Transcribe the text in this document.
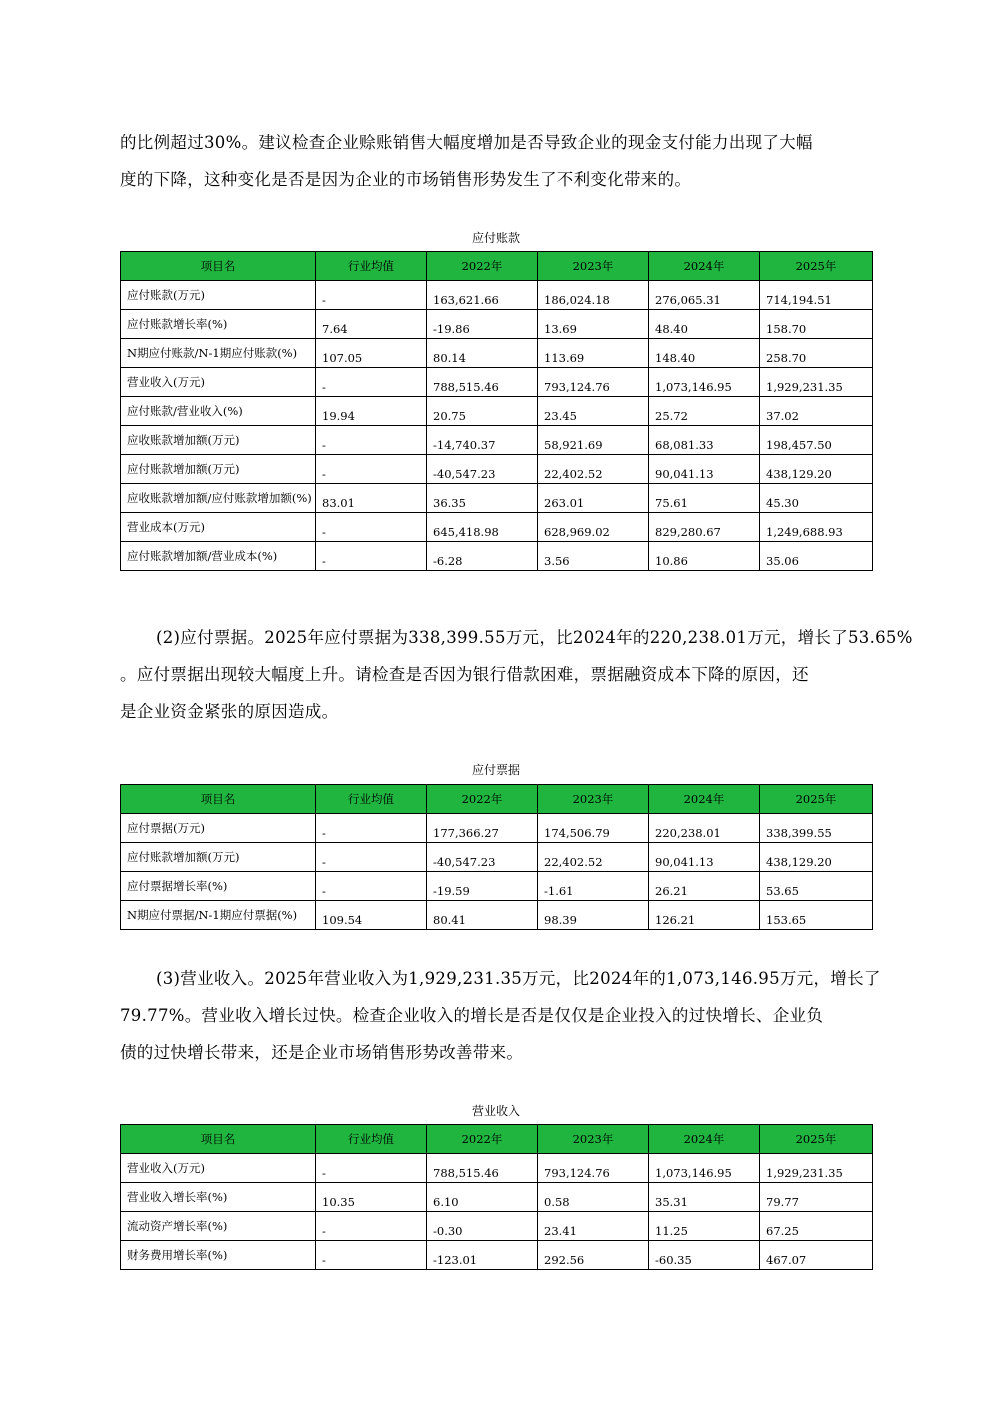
的比例超过30%。建议检查企业赊账销售大幅度增加是否导致企业的现金支付能力出现了大幅
度的下降，这种变化是否是因为企业的市场销售形势发生了不利变化带来的。

应付账款
项目名	行业均值	2022年	2023年	2024年	2025年
应付账款(万元)	-	163,621.66	186,024.18	276,065.31	714,194.51
应付账款增长率(%)	7.64	-19.86	13.69	48.40	158.70
N期应付账款/N-1期应付账款(%)	107.05	80.14	113.69	148.40	258.70
营业收入(万元)	-	788,515.46	793,124.76	1,073,146.95	1,929,231.35
应付账款/营业收入(%)	19.94	20.75	23.45	25.72	37.02
应收账款增加额(万元)	-	-14,740.37	58,921.69	68,081.33	198,457.50
应付账款增加额(万元)	-	-40,547.23	22,402.52	90,041.13	438,129.20
应收账款增加额/应付账款增加额(%)	83.01	36.35	263.01	75.61	45.30
营业成本(万元)	-	645,418.98	628,969.02	829,280.67	1,249,688.93
应付账款增加额/营业成本(%)	-	-6.28	3.56	10.86	35.06

(2)应付票据。2025年应付票据为338,399.55万元，比2024年的220,238.01万元，增长了53.65%
。应付票据出现较大幅度上升。请检查是否因为银行借款困难，票据融资成本下降的原因，还
是企业资金紧张的原因造成。

应付票据
项目名	行业均值	2022年	2023年	2024年	2025年
应付票据(万元)	-	177,366.27	174,506.79	220,238.01	338,399.55
应付账款增加额(万元)	-	-40,547.23	22,402.52	90,041.13	438,129.20
应付票据增长率(%)	-	-19.59	-1.61	26.21	53.65
N期应付票据/N-1期应付票据(%)	109.54	80.41	98.39	126.21	153.65

(3)营业收入。2025年营业收入为1,929,231.35万元，比2024年的1,073,146.95万元，增长了
79.77%。营业收入增长过快。检查企业收入的增长是否是仅仅是企业投入的过快增长、企业负
债的过快增长带来，还是企业市场销售形势改善带来。

营业收入
项目名	行业均值	2022年	2023年	2024年	2025年
营业收入(万元)	-	788,515.46	793,124.76	1,073,146.95	1,929,231.35
营业收入增长率(%)	10.35	6.10	0.58	35.31	79.77
流动资产增长率(%)	-	-0.30	23.41	11.25	67.25
财务费用增长率(%)	-	-123.01	292.56	-60.35	467.07
